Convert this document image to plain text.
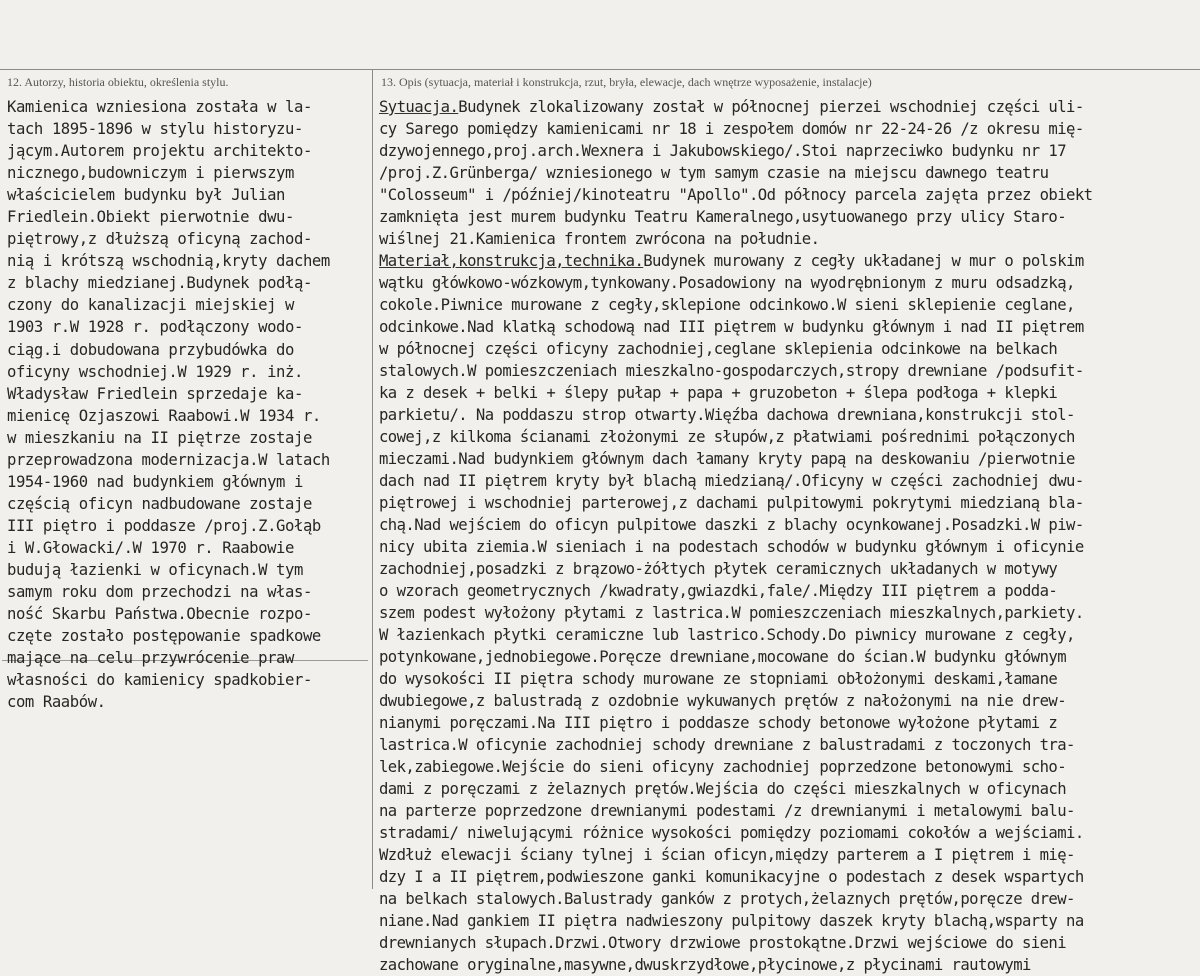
12. Autorzy, historia obiektu, określenia stylu.	13. Opis (sytuacja, materiał i konstrukcja, rzut, bryła, elewacje, dach wnętrze wyposażenie, instalacje)
Kamienica wzniesiona została w la-
tach 1895-1896 w stylu historyzu-
jącym.Autorem projektu architekto-
nicznego,budowniczym i pierwszym
właścicielem budynku był Julian
Friedlein.Obiekt pierwotnie dwu-
piętrowy,z dłuższą oficyną zachod-
nią i krótszą wschodnią,kryty dachem
z blachy miedzianej.Budynek podłą-
czony do kanalizacji miejskiej w
1903 r.W 1928 r. podłączony wodo-
ciąg.i dobudowana przybudówka do
oficyny wschodniej.W 1929 r. inż.
Władysław Friedlein sprzedaje ka-
mienicę Ozjaszowi Raabowi.W 1934 r.
w mieszkaniu na II piętrze zostaje
przeprowadzona modernizacja.W latach
1954-1960 nad budynkiem głównym i
częścią oficyn nadbudowane zostaje
III piętro i poddasze /proj.Z.Gołąb
i W.Głowacki/.W 1970 r. Raabowie
budują łazienki w oficynach.W tym
samym roku dom przechodzi na włas-
ność Skarbu Państwa.Obecnie rozpo-
częte zostało postępowanie spadkowe
mające na celu przywrócenie praw
własności do kamienicy spadkobier-
com Raabów.
Sytuacja.Budynek zlokalizowany został w północnej pierzei wschodniej części uli-
cy Sarego pomiędzy kamienicami nr 18 i zespołem domów nr 22-24-26 /z okresu mię-
dzywojennego,proj.arch.Wexnera i Jakubowskiego/.Stoi naprzeciwko budynku nr 17
/proj.Z.Grünberga/ wzniesionego w tym samym czasie na miejscu dawnego teatru
"Colosseum" i /później/kinoteatru "Apollo".Od północy parcela zajęta przez obiekt
zamknięta jest murem budynku Teatru Kameralnego,usytuowanego przy ulicy Staro-
wiślnej 21.Kamienica frontem zwrócona na południe.
Materiał,konstrukcja,technika.Budynek murowany z cegły układanej w mur o polskim
wątku główkowo-wózkowym,tynkowany.Posadowiony na wyodrębnionym z muru odsadzką,
cokole.Piwnice murowane z cegły,sklepione odcinkowo.W sieni sklepienie ceglane,
odcinkowe.Nad klatką schodową nad III piętrem w budynku głównym i nad II piętrem
w północnej części oficyny zachodniej,ceglane sklepienia odcinkowe na belkach
stalowych.W pomieszczeniach mieszkalno-gospodarczych,stropy drewniane /podsufit-
ka z desek + belki + ślepy pułap + papa + gruzobeton + ślepa podłoga + klepki
parkietu/. Na poddaszu strop otwarty.Więźba dachowa drewniana,konstrukcji stol-
cowej,z kilkoma ścianami złożonymi ze słupów,z płatwiami pośrednimi połączonych
mieczami.Nad budynkiem głównym dach łamany kryty papą na deskowaniu /pierwotnie
dach nad II piętrem kryty był blachą miedzianą/.Oficyny w części zachodniej dwu-
piętrowej i wschodniej parterowej,z dachami pulpitowymi pokrytymi miedzianą bla-
chą.Nad wejściem do oficyn pulpitowe daszki z blachy ocynkowanej.Posadzki.W piw-
nicy ubita ziemia.W sieniach i na podestach schodów w budynku głównym i oficynie
zachodniej,posadzki z brązowo-żółtych płytek ceramicznych układanych w motywy
o wzorach geometrycznych /kwadraty,gwiazdki,fale/.Między III piętrem a podda-
szem podest wyłożony płytami z lastrica.W pomieszczeniach mieszkalnych,parkiety.
W łazienkach płytki ceramiczne lub lastrico.Schody.Do piwnicy murowane z cegły,
potynkowane,jednobiegowe.Poręcze drewniane,mocowane do ścian.W budynku głównym
do wysokości II piętra schody murowane ze stopniami obłożonymi deskami,łamane
dwubiegowe,z balustradą z ozdobnie wykuwanych prętów z nałożonymi na nie drew-
nianymi poręczami.Na III piętro i poddasze schody betonowe wyłożone płytami z
lastrica.W oficynie zachodniej schody drewniane z balustradami z toczonych tra-
lek,zabiegowe.Wejście do sieni oficyny zachodniej poprzedzone betonowymi scho-
dami z poręczami z żelaznych prętów.Wejścia do części mieszkalnych w oficynach
na parterze poprzedzone drewnianymi podestami /z drewnianymi i metalowymi balu-
stradami/ niwelującymi różnice wysokości pomiędzy poziomami cokołów a wejściami.
Wzdłuż elewacji ściany tylnej i ścian oficyn,między parterem a I piętrem i mię-
dzy I a II piętrem,podwieszone ganki komunikacyjne o podestach z desek wspartych
na belkach stalowych.Balustrady ganków z protych,żelaznych prętów,poręcze drew-
niane.Nad gankiem II piętra nadwieszony pulpitowy daszek kryty blachą,wsparty na
drewnianych słupach.Drzwi.Otwory drzwiowe prostokątne.Drzwi wejściowe do sieni
zachowane oryginalne,masywne,dwuskrzydłowe,płycinowe,z płycinami rautowymi
